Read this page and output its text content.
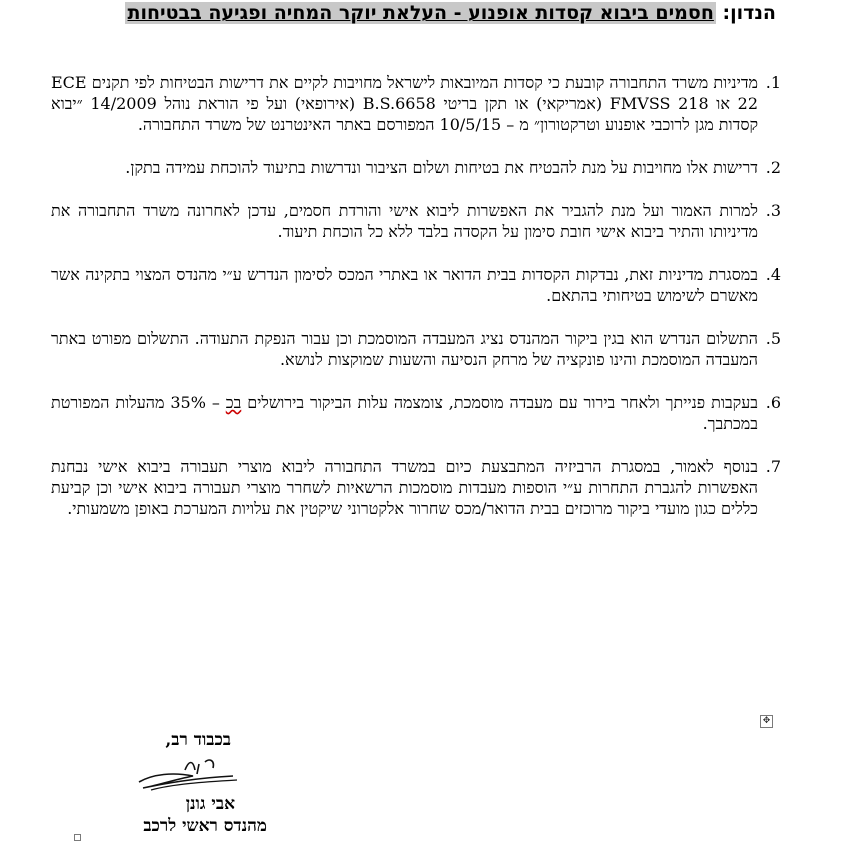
הנדון: חסמים ביבוא קסדות אופנוע - העלאת יוקר המחיה ופגיעה בבטיחות
1.
מדיניות משרד התחבורה קובעת כי קסדות המיובאות לישראל מחויבות לקיים את דרישות הבטיחות לפי תקנים ECE 22 או FMVSS 218 (אמריקאי) או תקן בריטי B.S.6658 (אירופאי) ועל פי הוראת נוהל 14/2009 ״יבוא קסדות מגן לרוכבי אופנוע וטרקטורון״ מ – 10/5/15 המפורסם באתר האינטרנט של משרד התחבורה.
2.
דרישות אלו מחויבות על מנת להבטיח את בטיחות ושלום הציבור ונדרשות בתיעוד להוכחת עמידה בתקן.
3.
למרות האמור ועל מנת להגביר את האפשרות ליבוא אישי והורדת חסמים, עדכן לאחרונה משרד התחבורה את מדיניותו והתיר ביבוא אישי חובת סימון על הקסדה בלבד ללא כל הוכחת תיעוד.
4.
במסגרת מדיניות זאת, נבדקות הקסדות בבית הדואר או באתרי המכס לסימון הנדרש ע״י מהנדס המצוי בתקינה אשר מאשרם לשימוש בטיחותי בהתאם.
5.
התשלום הנדרש הוא בגין ביקור המהנדס נציג המעבדה המוסמכת וכן עבור הנפקת התעודה. התשלום מפורט באתר המעבדה המוסמכת והינו פונקציה של מרחק הנסיעה והשעות שמוקצות לנושא.
6.
בעקבות פנייתך ולאחר בירור עם מעבדה מוסמכת, צומצמה עלות הביקור בירושלים בכ – 35% מהעלות המפורטת במכתבך.
7.
בנוסף לאמור, במסגרת הרביזיה המתבצעת כיום במשרד התחבורה ליבוא מוצרי תעבורה ביבוא אישי נבחנת האפשרות להגברת התחרות ע״י הוספות מעבדות מוסמכות הרשאיות לשחרר מוצרי תעבורה ביבוא אישי וכן קביעת כללים כגון מועדי ביקור מרוכזים בבית הדואר/מכס שחרור אלקטרוני שיקטין את עלויות המערכת באופן משמעותי.
✥
בכבוד רב,
אבי גונן
מהנדס ראשי לרכב
